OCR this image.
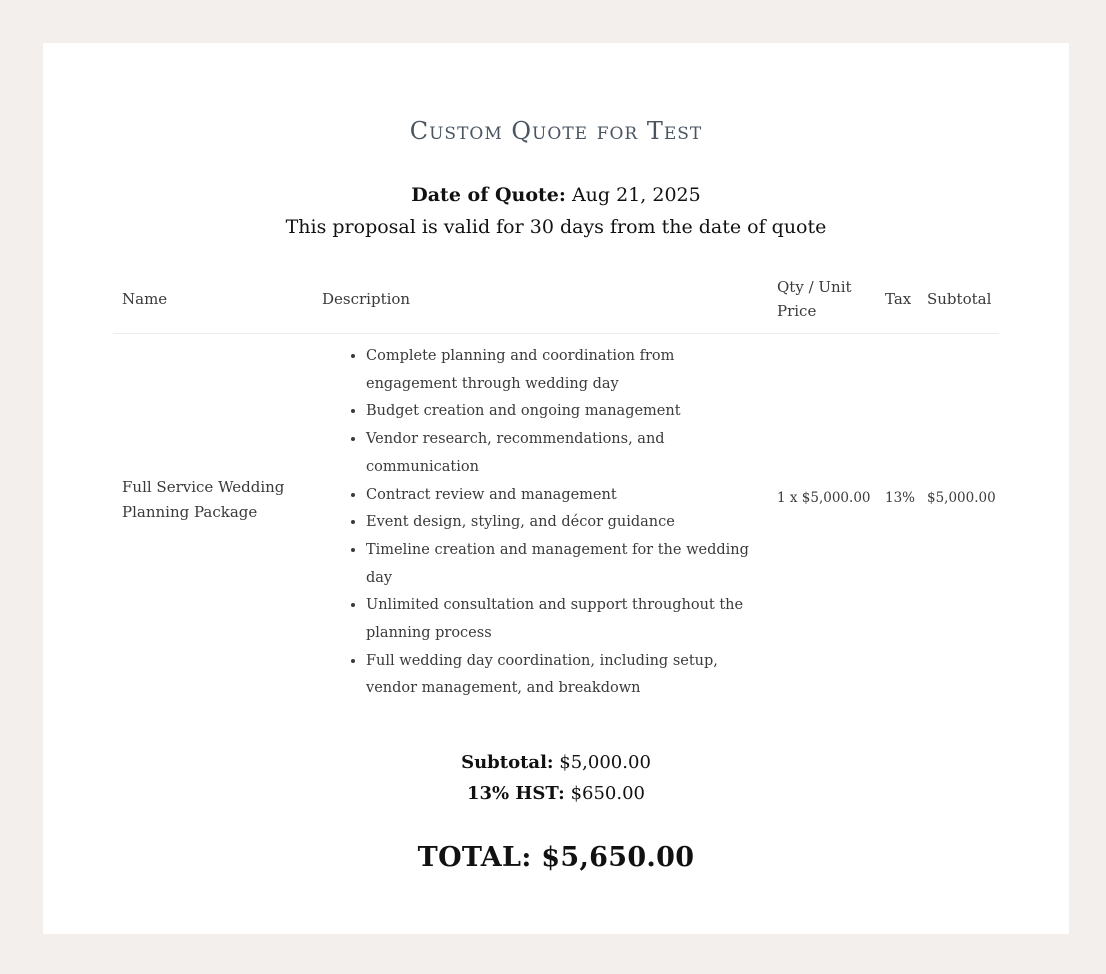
Custom Quote for Test
Date of Quote: Aug 21, 2025
This proposal is valid for 30 days from the date of quote
Name	Description
Qty / Unit Price
Tax Subtotal
Full Service Wedding Planning Package
• Complete planning and coordination from engagement through wedding day
• Budget creation and ongoing management
• Vendor research, recommendations, and communication
• Contract review and management
• Event design, styling, and décor guidance
• Timeline creation and management for the wedding day
• Unlimited consultation and support throughout the planning process
• Full wedding day coordination, including setup, vendor management, and breakdown
1 x $5,000.00 13% $5,000.00
Subtotal: $5,000.00
13% HST: $650.00
TOTAL: $5,650.00
